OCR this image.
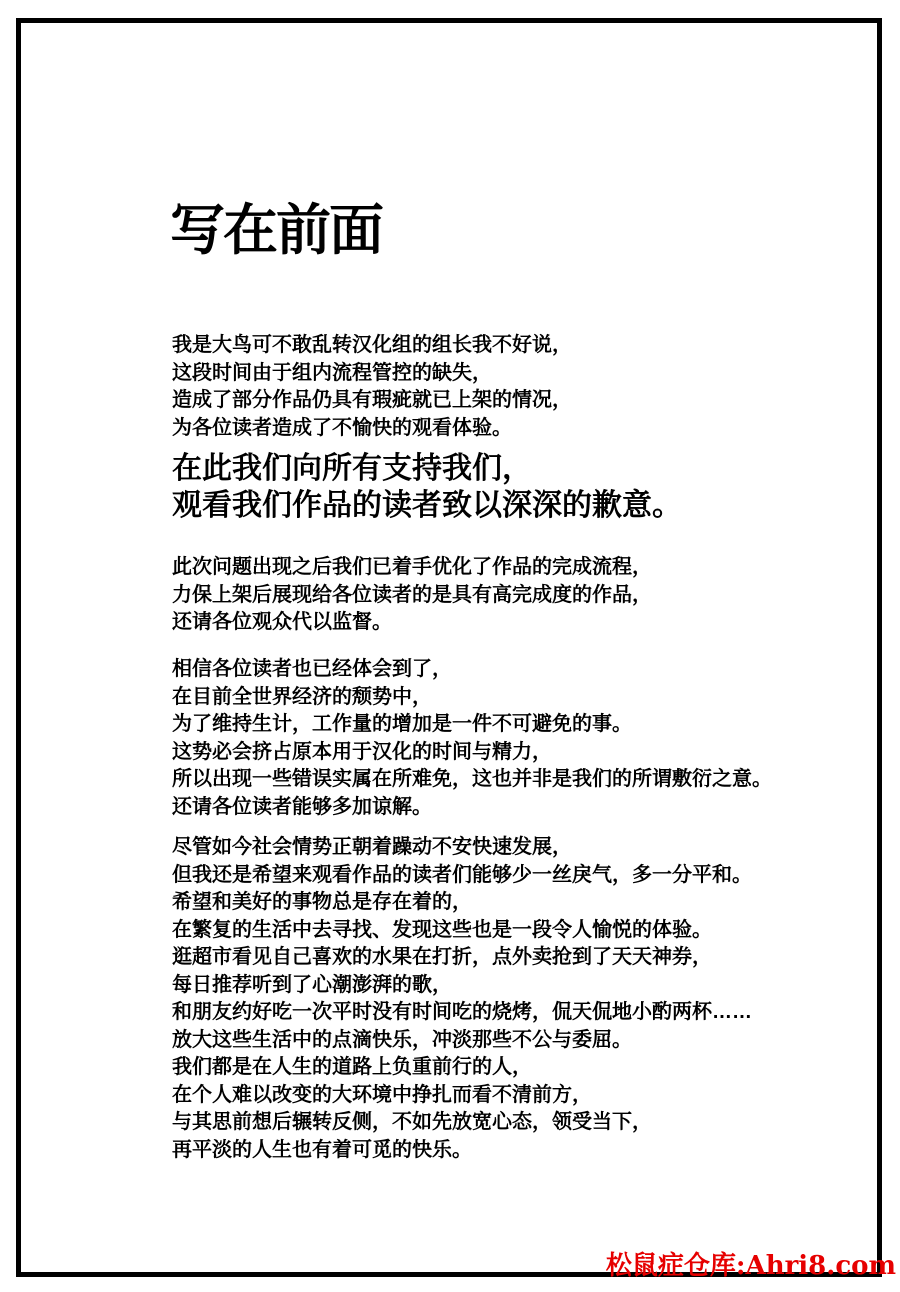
写在前面
我是大鸟可不敢乱转汉化组的组长我不好说，
这段时间由于组内流程管控的缺失，
造成了部分作品仍具有瑕疵就已上架的情况，
为各位读者造成了不愉快的观看体验。
在此我们向所有支持我们，
观看我们作品的读者致以深深的歉意。
此次问题出现之后我们已着手优化了作品的完成流程，
力保上架后展现给各位读者的是具有高完成度的作品，
还请各位观众代以监督。
相信各位读者也已经体会到了，
在目前全世界经济的颓势中，
为了维持生计，工作量的增加是一件不可避免的事。
这势必会挤占原本用于汉化的时间与精力，
所以出现一些错误实属在所难免，这也并非是我们的所谓敷衍之意。
还请各位读者能够多加谅解。
尽管如今社会情势正朝着躁动不安快速发展，
但我还是希望来观看作品的读者们能够少一丝戾气，多一分平和。
希望和美好的事物总是存在着的，
在繁复的生活中去寻找、发现这些也是一段令人愉悦的体验。
逛超市看见自己喜欢的水果在打折，点外卖抢到了天天神券，
每日推荐听到了心潮澎湃的歌，
和朋友约好吃一次平时没有时间吃的烧烤，侃天侃地小酌两杯……
放大这些生活中的点滴快乐，冲淡那些不公与委屈。
我们都是在人生的道路上负重前行的人，
在个人难以改变的大环境中挣扎而看不清前方，
与其思前想后辗转反侧，不如先放宽心态，领受当下，
再平淡的人生也有着可觅的快乐。
松鼠症仓库:Ahri8.com
